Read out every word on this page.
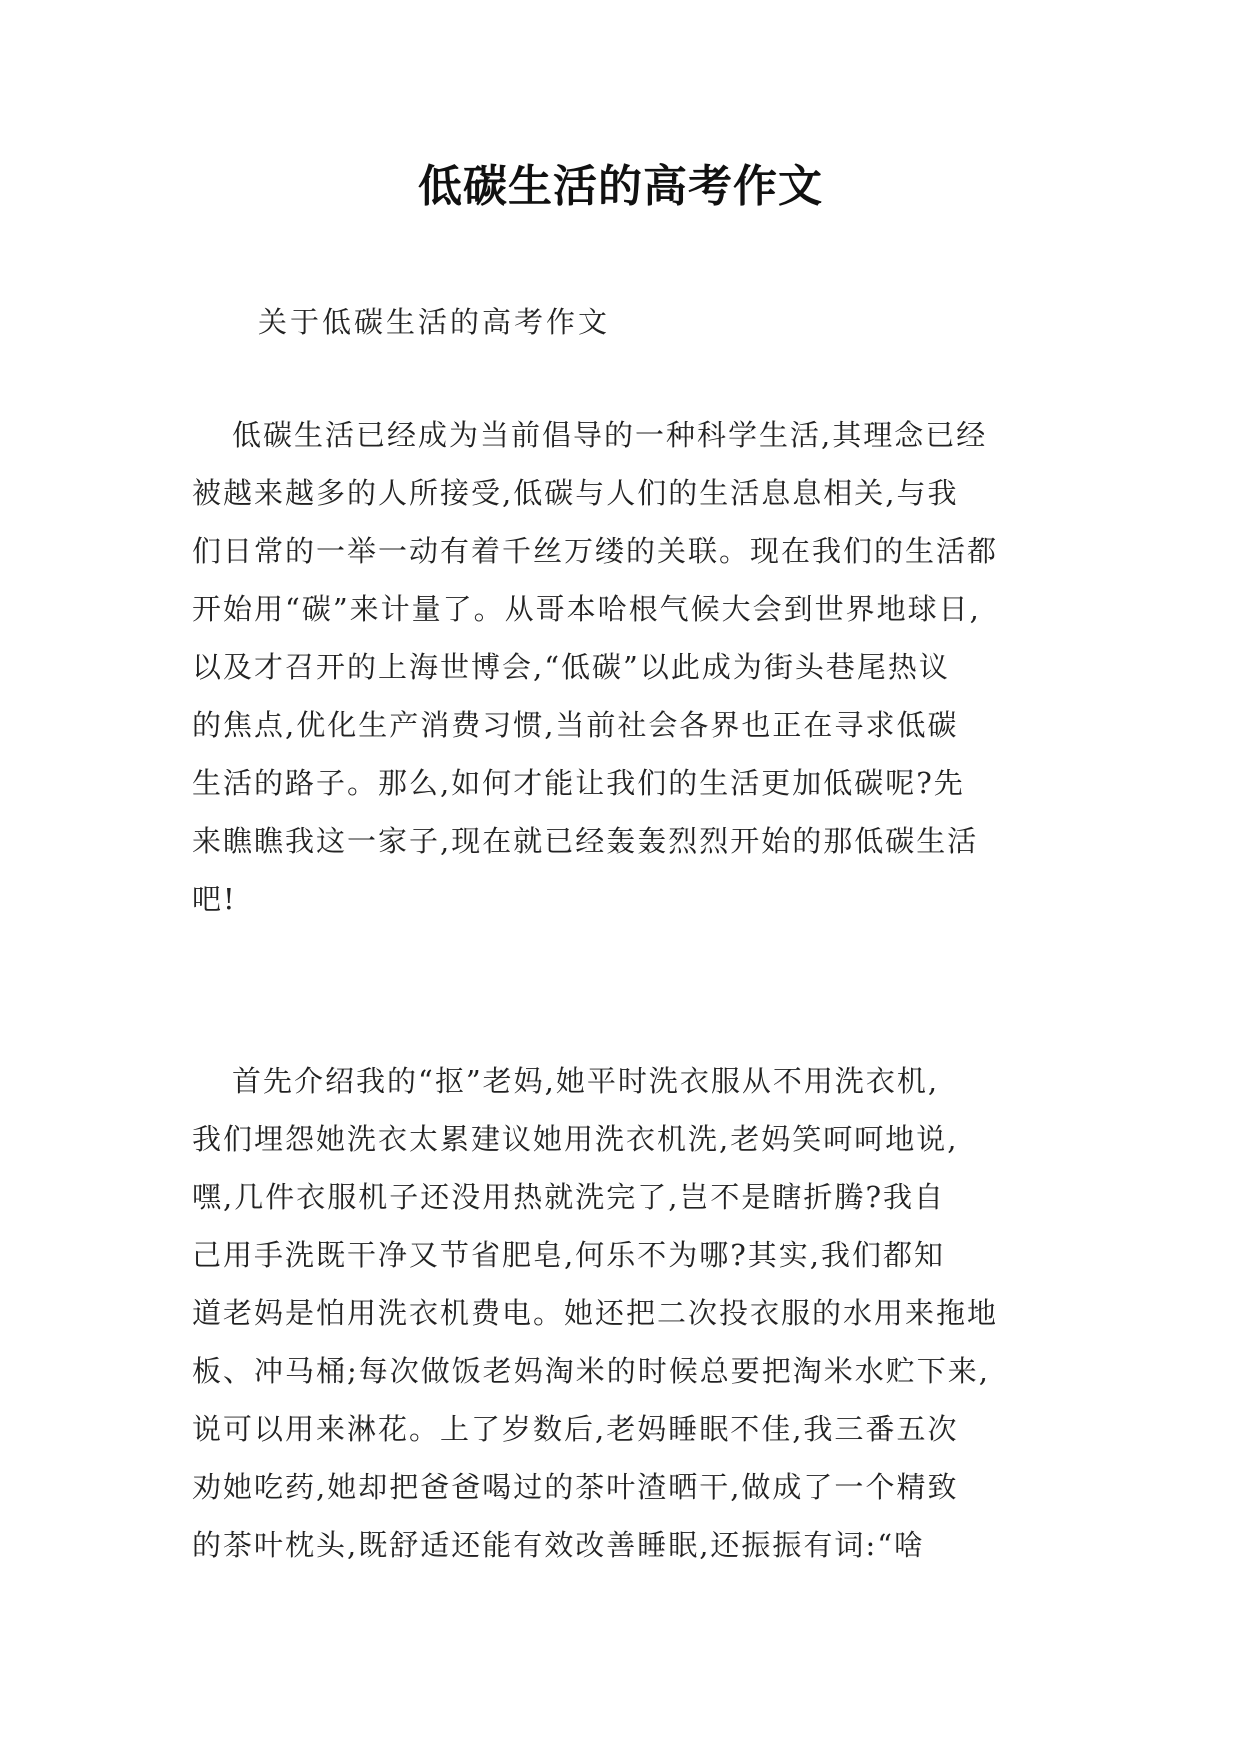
低碳生活的高考作文

关于低碳生活的高考作文

低碳生活已经成为当前倡导的一种科学生活,其理念已经
被越来越多的人所接受,低碳与人们的生活息息相关,与我
们日常的一举一动有着千丝万缕的关联。现在我们的生活都
开始用“碳”来计量了。从哥本哈根气候大会到世界地球日,
以及才召开的上海世博会,“低碳”以此成为街头巷尾热议
的焦点,优化生产消费习惯,当前社会各界也正在寻求低碳
生活的路子。那么,如何才能让我们的生活更加低碳呢?先
来瞧瞧我这一家子,现在就已经轰轰烈烈开始的那低碳生活
吧!
首先介绍我的“抠”老妈,她平时洗衣服从不用洗衣机,
我们埋怨她洗衣太累建议她用洗衣机洗,老妈笑呵呵地说,
嘿,几件衣服机子还没用热就洗完了,岂不是瞎折腾?我自
己用手洗既干净又节省肥皂,何乐不为哪?其实,我们都知
道老妈是怕用洗衣机费电。她还把二次投衣服的水用来拖地
板、冲马桶;每次做饭老妈淘米的时候总要把淘米水贮下来,
说可以用来淋花。上了岁数后,老妈睡眠不佳,我三番五次
劝她吃药,她却把爸爸喝过的茶叶渣晒干,做成了一个精致
的茶叶枕头,既舒适还能有效改善睡眠,还振振有词:“啥
